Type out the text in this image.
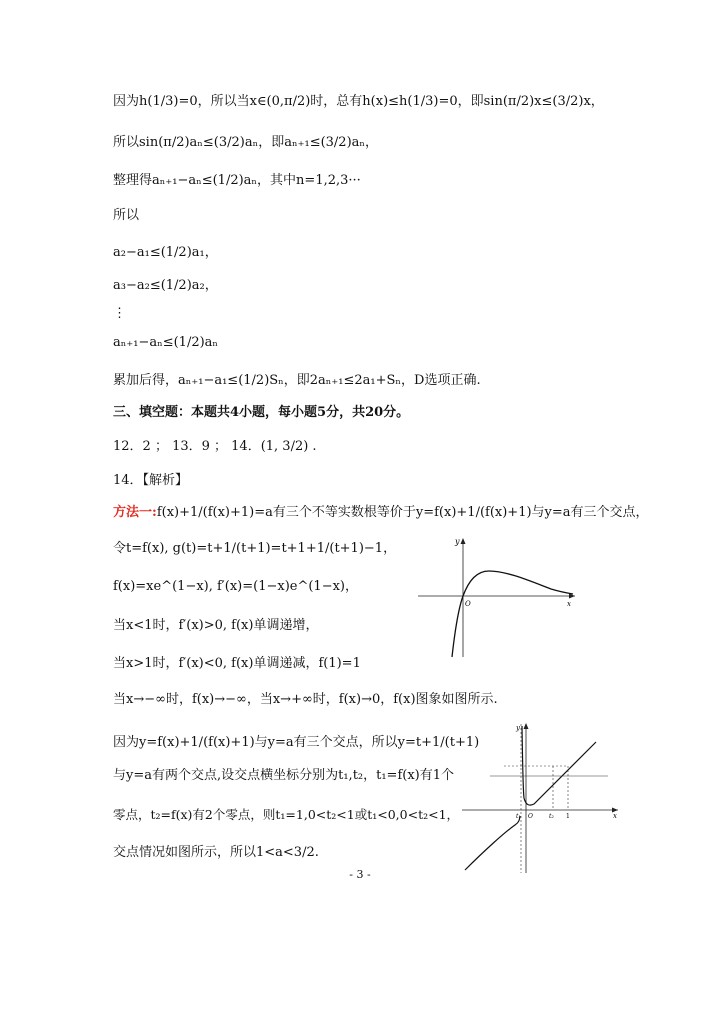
因为h(1/3)=0，所以当x∈(0,π/2)时，总有h(x)≤h(1/3)=0，即sin(π/2)x≤(3/2)x，
所以sin(π/2)aₙ≤(3/2)aₙ，即aₙ₊₁≤(3/2)aₙ，
整理得aₙ₊₁−aₙ≤(1/2)aₙ，其中n=1,2,3···
所以
a₂−a₁≤(1/2)a₁，
a₃−a₂≤(1/2)a₂，
⋮
aₙ₊₁−aₙ≤(1/2)aₙ
累加后得，aₙ₊₁−a₁≤(1/2)Sₙ，即2aₙ₊₁≤2a₁+Sₙ，D选项正确.
三、填空题：本题共4小题，每小题5分，共20分。
12．2 ； 13．9 ； 14．(1, 3/2) .
14．【解析】
方法一:f(x)+1/(f(x)+1)=a有三个不等实数根等价于y=f(x)+1/(f(x)+1)与y=a有三个交点，
令t=f(x), g(t)=t+1/(t+1)=t+1+1/(t+1)−1，
f(x)=xe^(1−x), f′(x)=(1−x)e^(1−x)，
当x<1时，f′(x)>0, f(x)单调递增，
当x>1时，f′(x)<0, f(x)单调递减，f(1)=1
当x→−∞时，f(x)→−∞，当x→+∞时，f(x)→0，f(x)图象如图所示.
因为y=f(x)+1/(f(x)+1)与y=a有三个交点，所以y=t+1/(t+1)
与y=a有两个交点,设交点横坐标分别为t₁,t₂，t₁=f(x)有1个
零点，t₂=f(x)有2个零点，则t₁=1,0<t₂<1或t₁<0,0<t₂<1，
交点情况如图所示，所以1<a<3/2.
y
x
O
y
x
t₁ O	t₂ 1
- 3 -
